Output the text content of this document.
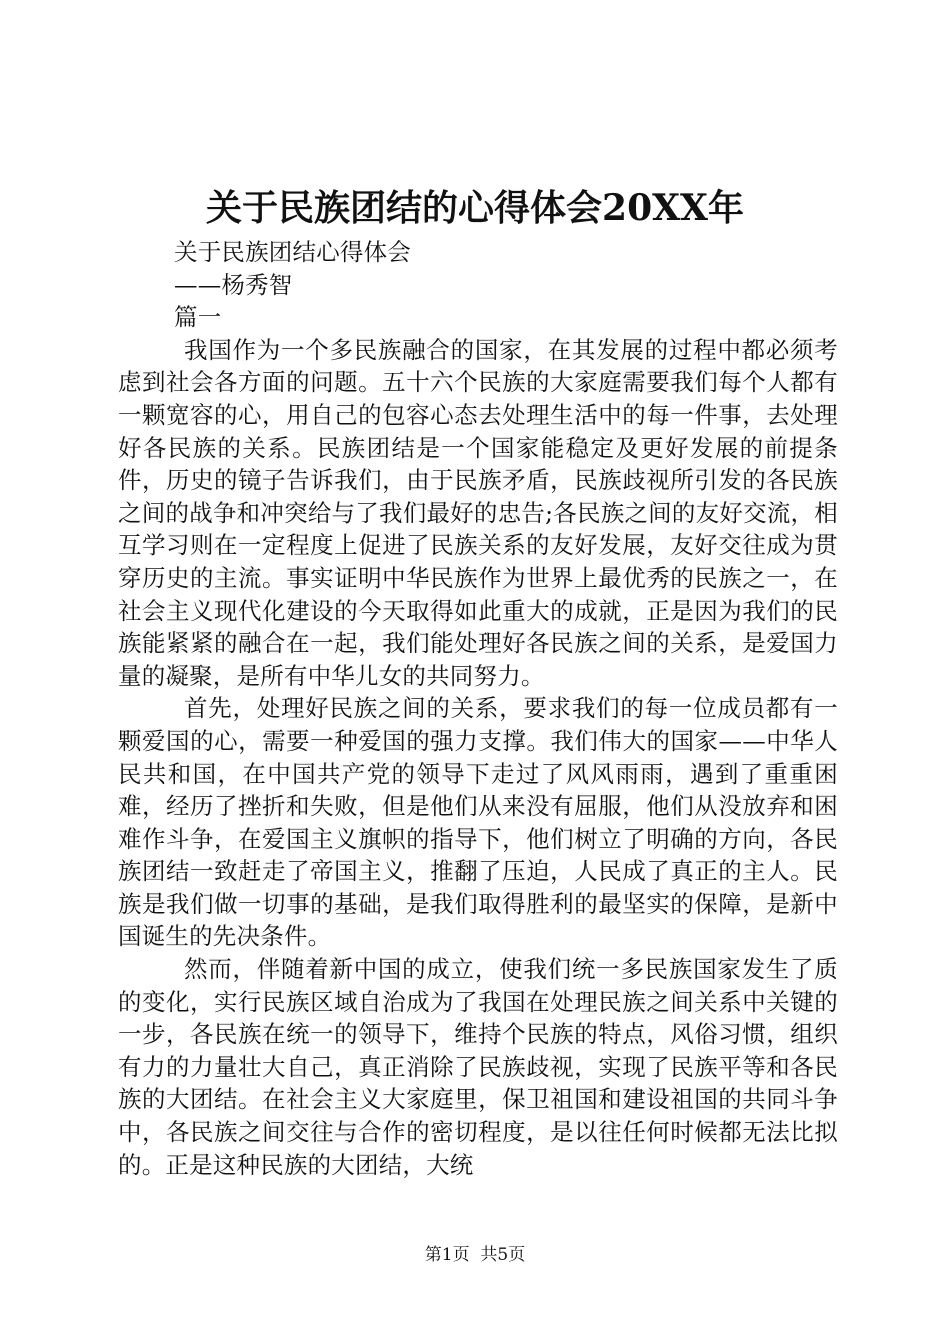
关于民族团结的心得体会20XX年

关于民族团结心得体会

——杨秀智

篇一

我国作为一个多民族融合的国家，在其发展的过程中都必须考虑到社会各方面的问题。五十六个民族的大家庭需要我们每个人都有一颗宽容的心，用自己的包容心态去处理生活中的每一件事，去处理好各民族的关系。民族团结是一个国家能稳定及更好发展的前提条件，历史的镜子告诉我们，由于民族矛盾，民族歧视所引发的各民族之间的战争和冲突给与了我们最好的忠告;各民族之间的友好交流，相互学习则在一定程度上促进了民族关系的友好发展，友好交往成为贯穿历史的主流。事实证明中华民族作为世界上最优秀的民族之一，在社会主义现代化建设的今天取得如此重大的成就，正是因为我们的民族能紧紧的融合在一起，我们能处理好各民族之间的关系，是爱国力量的凝聚，是所有中华儿女的共同努力。

首先，处理好民族之间的关系，要求我们的每一位成员都有一颗爱国的心，需要一种爱国的强力支撑。我们伟大的国家——中华人民共和国，在中国共产党的领导下走过了风风雨雨，遇到了重重困难，经历了挫折和失败，但是他们从来没有屈服，他们从没放弃和困难作斗争，在爱国主义旗帜的指导下，他们树立了明确的方向，各民族团结一致赶走了帝国主义，推翻了压迫，人民成了真正的主人。民族是我们做一切事的基础，是我们取得胜利的最坚实的保障，是新中国诞生的先决条件。

然而，伴随着新中国的成立，使我们统一多民族国家发生了质的变化，实行民族区域自治成为了我国在处理民族之间关系中关键的一步，各民族在统一的领导下，维持个民族的特点，风俗习惯，组织有力的力量壮大自己，真正消除了民族歧视，实现了民族平等和各民族的大团结。在社会主义大家庭里，保卫祖国和建设祖国的共同斗争中，各民族之间交往与合作的密切程度，是以往任何时候都无法比拟的。正是这种民族的大团结，大统

第1页 共5页
